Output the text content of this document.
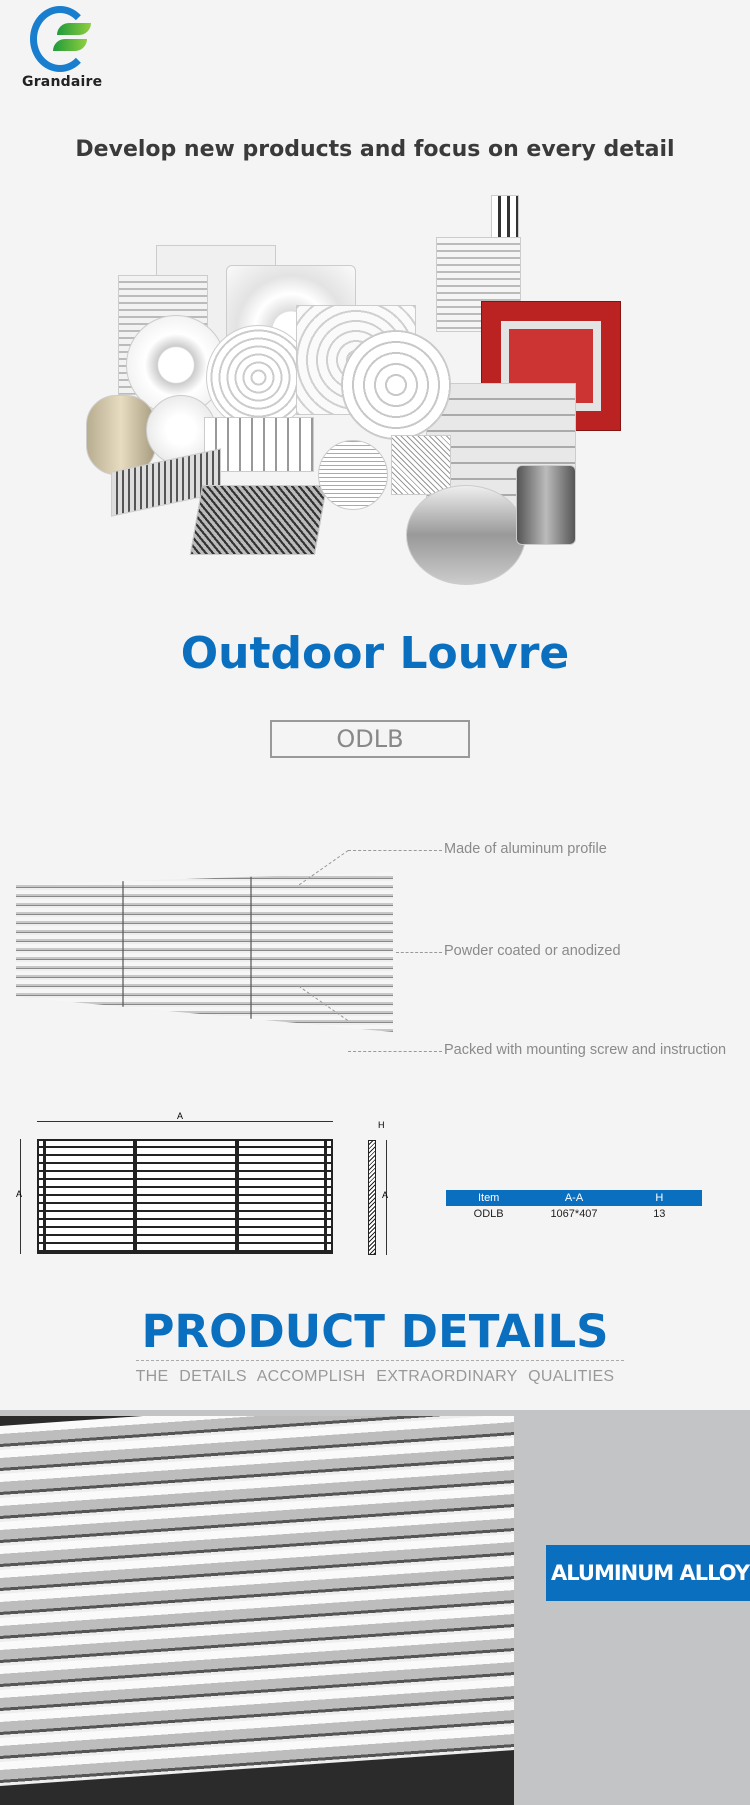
Grandaire
Develop new products and focus on every detail
Outdoor Louvre
ODLB
Made of aluminum profile
Powder coated or anodized
Packed with mounting screw and instruction
A
A	A
H
Item	A-A	H
ODLB	1067*407	13
PRODUCT DETAILS
THE DETAILS ACCOMPLISH EXTRAORDINARY QUALITIES
ALUMINUM ALLOY
